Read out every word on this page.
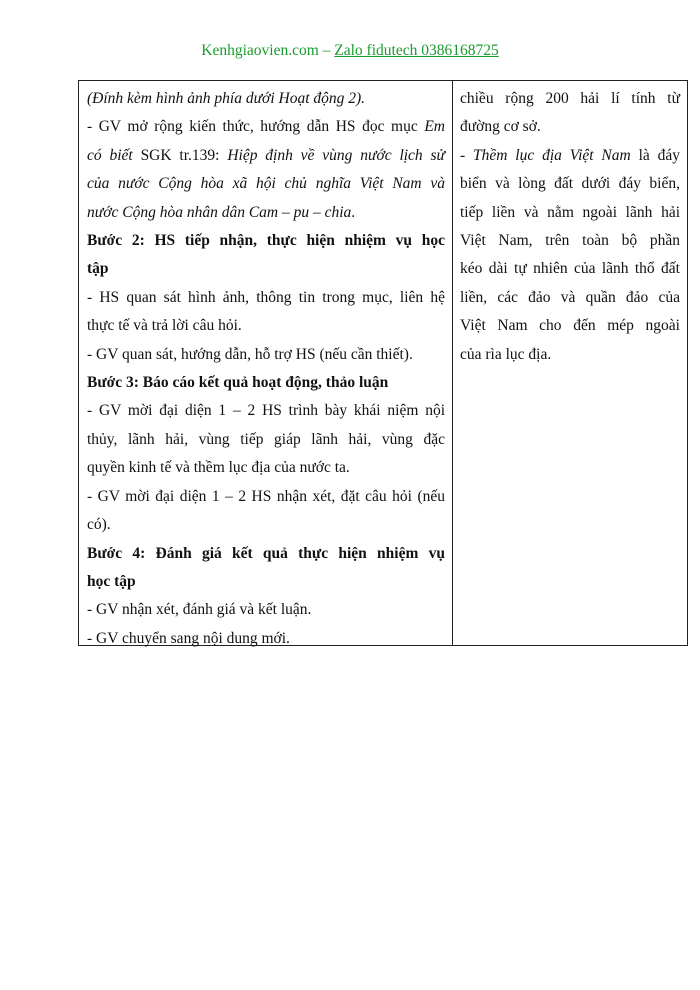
Kenhgiaovien.com – Zalo fidutech 0386168725
(Đính kèm hình ảnh phía dưới Hoạt động 2).
- GV mở rộng kiến thức, hướng dẫn HS đọc mục Em
có biết SGK tr.139: Hiệp định về vùng nước lịch sử
của nước Cộng hòa xã hội chủ nghĩa Việt Nam và
nước Cộng hòa nhân dân Cam – pu – chia.
Bước 2: HS tiếp nhận, thực hiện nhiệm vụ học
tập
- HS quan sát hình ảnh, thông tin trong mục, liên hệ
thực tế và trả lời câu hỏi.
- GV quan sát, hướng dẫn, hỗ trợ HS (nếu cần thiết).
Bước 3: Báo cáo kết quả hoạt động, thảo luận
- GV mời đại diện 1 – 2 HS trình bày khái niệm nội
thủy, lãnh hải, vùng tiếp giáp lãnh hải, vùng đặc
quyền kinh tế và thềm lục địa của nước ta.
- GV mời đại diện 1 – 2 HS nhận xét, đặt câu hỏi (nếu
có).
Bước 4: Đánh giá kết quả thực hiện nhiệm vụ
học tập
- GV nhận xét, đánh giá và kết luận.
- GV chuyển sang nội dung mới.
chiều rộng 200 hải lí tính từ
đường cơ sở.
- Thềm lục địa Việt Nam là đáy
biển và lòng đất dưới đáy biển,
tiếp liền và nằm ngoài lãnh hải
Việt Nam, trên toàn bộ phần
kéo dài tự nhiên của lãnh thổ đất
liền, các đảo và quần đảo của
Việt Nam cho đến mép ngoài
của rìa lục địa.
